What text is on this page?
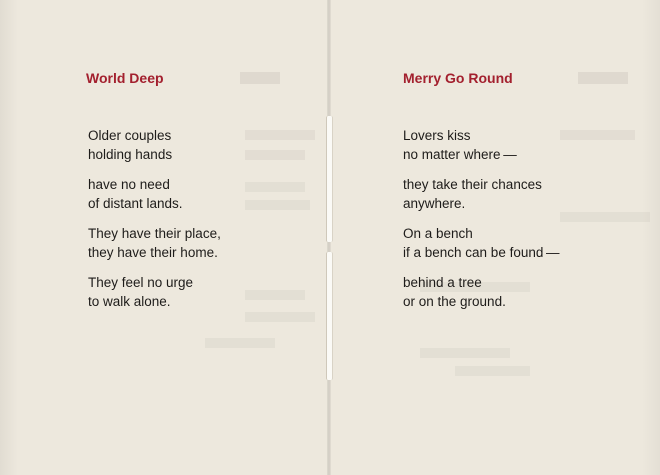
World Deep

Older couples
holding hands

have no need
of distant lands.

They have their place,
they have their home.

They feel no urge
to walk alone.

Merry Go Round

Lovers kiss
no matter where —

they take their chances
anywhere.

On a bench
if a bench can be found —

behind a tree
or on the ground.
